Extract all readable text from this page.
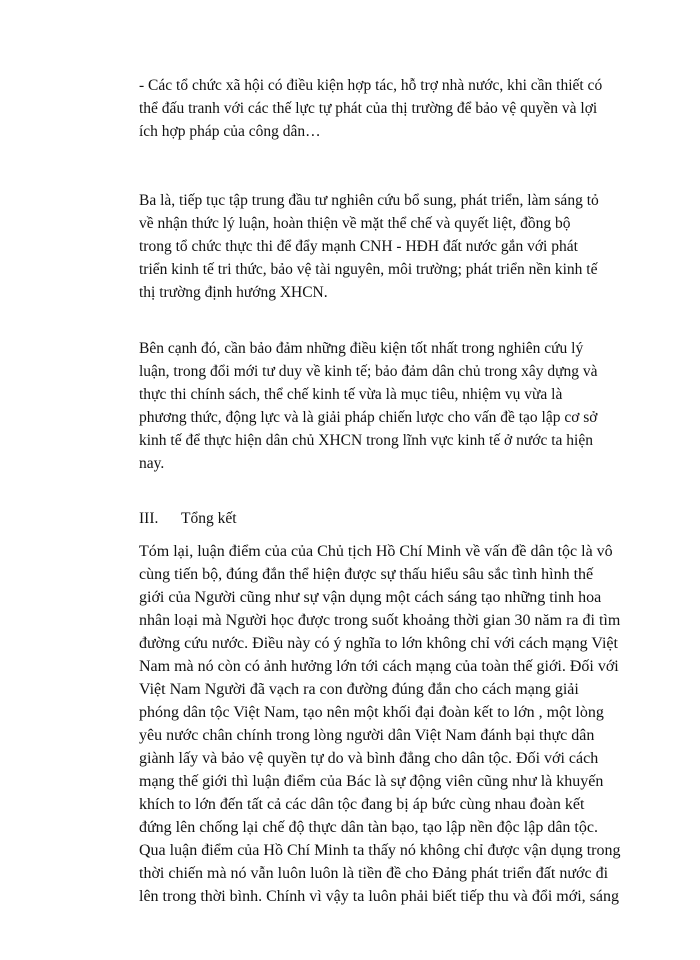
- Các tổ chức xã hội có điều kiện hợp tác, hỗ trợ nhà nước, khi cần thiết có

thể đấu tranh với các thế lực tự phát của thị trường để bảo vệ quyền và lợi

ích hợp pháp của công dân…

Ba là, tiếp tục tập trung đầu tư nghiên cứu bổ sung, phát triển, làm sáng tỏ

về nhận thức lý luận, hoàn thiện về mặt thể chế và quyết liệt, đồng bộ

trong tổ chức thực thi để đẩy mạnh CNH - HĐH đất nước gắn với phát

triển kinh tế tri thức, bảo vệ tài nguyên, môi trường; phát triển nền kinh tế

thị trường định hướng XHCN.

Bên cạnh đó, cần bảo đảm những điều kiện tốt nhất trong nghiên cứu lý

luận, trong đổi mới tư duy về kinh tế; bảo đảm dân chủ trong xây dựng và

thực thi chính sách, thể chế kinh tế vừa là mục tiêu, nhiệm vụ vừa là

phương thức, động lực và là giải pháp chiến lược cho vấn đề tạo lập cơ sở

kinh tế để thực hiện dân chủ XHCN trong lĩnh vực kinh tế ở nước ta hiện

nay.

III. Tổng kết

Tóm lại, luận điểm của của Chủ tịch Hồ Chí Minh về vấn đề dân tộc là vô

cùng tiến bộ, đúng đắn thể hiện được sự thấu hiểu sâu sắc tình hình thế

giới của Người cũng như sự vận dụng một cách sáng tạo những tinh hoa

nhân loại mà Người học được trong suốt khoảng thời gian 30 năm ra đi tìm

đường cứu nước. Điều này có ý nghĩa to lớn không chỉ với cách mạng Việt

Nam mà nó còn có ảnh hưởng lớn tới cách mạng của toàn thế giới. Đối với

Việt Nam Người đã vạch ra con đường đúng đắn cho cách mạng giải

phóng dân tộc Việt Nam, tạo nên một khối đại đoàn kết to lớn , một lòng

yêu nước chân chính trong lòng người dân Việt Nam đánh bại thực dân

giành lấy và bảo vệ quyền tự do và bình đẳng cho dân tộc. Đối với cách

mạng thế giới thì luận điểm của Bác là sự động viên cũng như là khuyến

khích to lớn đến tất cả các dân tộc đang bị áp bức cùng nhau đoàn kết

đứng lên chống lại chế độ thực dân tàn bạo, tạo lập nền độc lập dân tộc.

Qua luận điểm của Hồ Chí Minh ta thấy nó không chỉ được vận dụng trong

thời chiến mà nó vẫn luôn luôn là tiền đề cho Đảng phát triển đất nước đi

lên trong thời bình. Chính vì vậy ta luôn phải biết tiếp thu và đổi mới, sáng
